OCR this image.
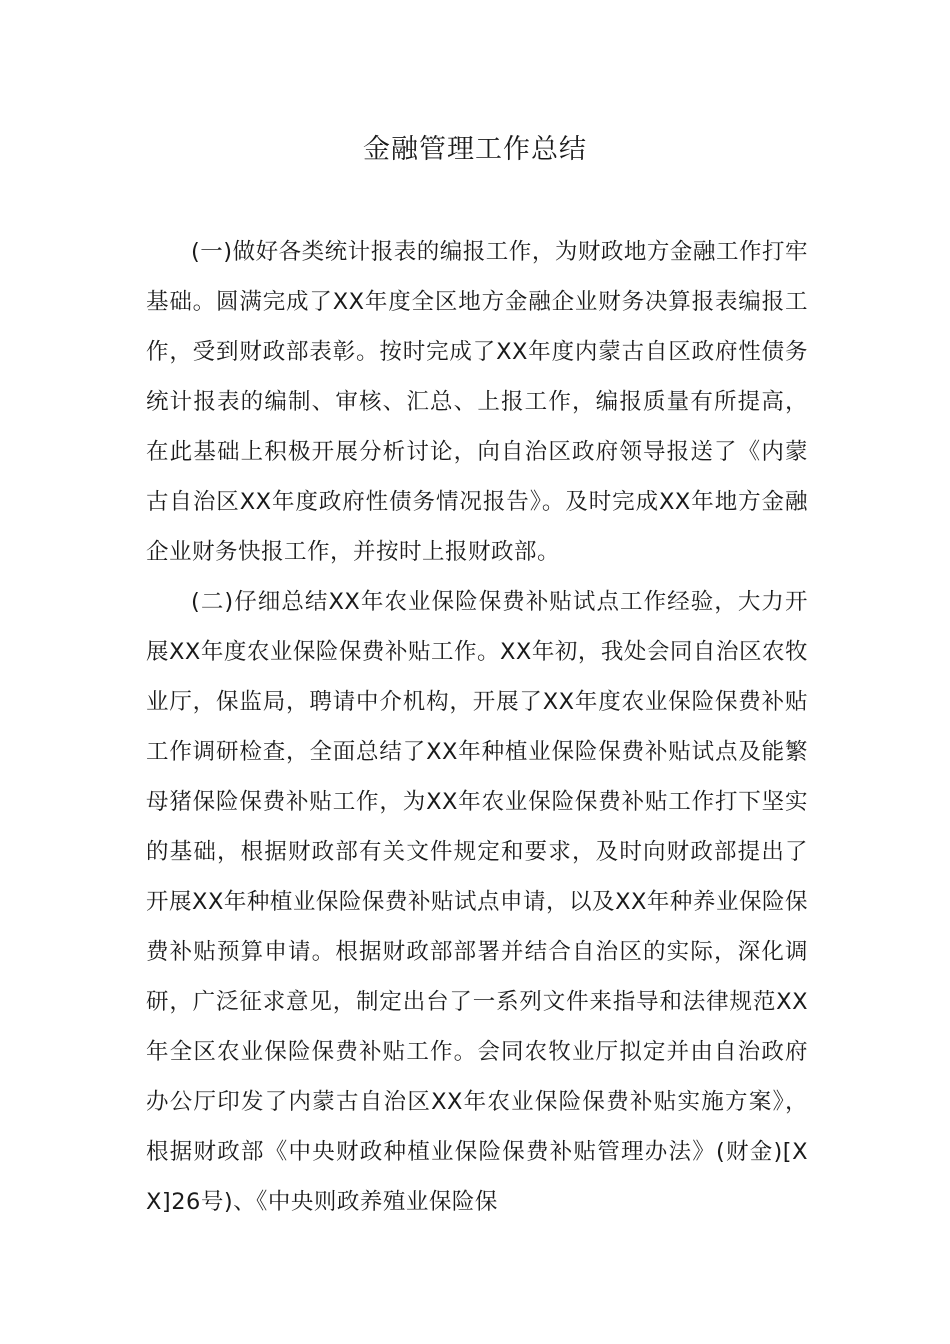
金融管理工作总结

(一)做好各类统计报表的编报工作，为财政地方金融工作打牢基础。圆满完成了XX年度全区地方金融企业财务决算报表编报工作，受到财政部表彰。按时完成了XX年度内蒙古自区政府性债务统计报表的编制、审核、汇总、上报工作，编报质量有所提高，在此基础上积极开展分析讨论，向自治区政府领导报送了《内蒙古自治区XX年度政府性债务情况报告》。及时完成XX年地方金融企业财务快报工作，并按时上报财政部。

(二)仔细总结XX年农业保险保费补贴试点工作经验，大力开展XX年度农业保险保费补贴工作。XX年初，我处会同自治区农牧业厅，保监局，聘请中介机构，开展了XX年度农业保险保费补贴工作调研检查，全面总结了XX年种植业保险保费补贴试点及能繁母猪保险保费补贴工作，为XX年农业保险保费补贴工作打下坚实的基础，根据财政部有关文件规定和要求，及时向财政部提出了开展XX年种植业保险保费补贴试点申请，以及XX年种养业保险保费补贴预算申请。根据财政部部署并结合自治区的实际，深化调研，广泛征求意见，制定出台了一系列文件来指导和法律规范XX年全区农业保险保费补贴工作。会同农牧业厅拟定并由自治政府办公厅印发了内蒙古自治区XX年农业保险保费补贴实施方案》，根据财政部《中央财政种植业保险保费补贴管理办法》(财金)[XX]26号)、《中央则政养殖业保险保
